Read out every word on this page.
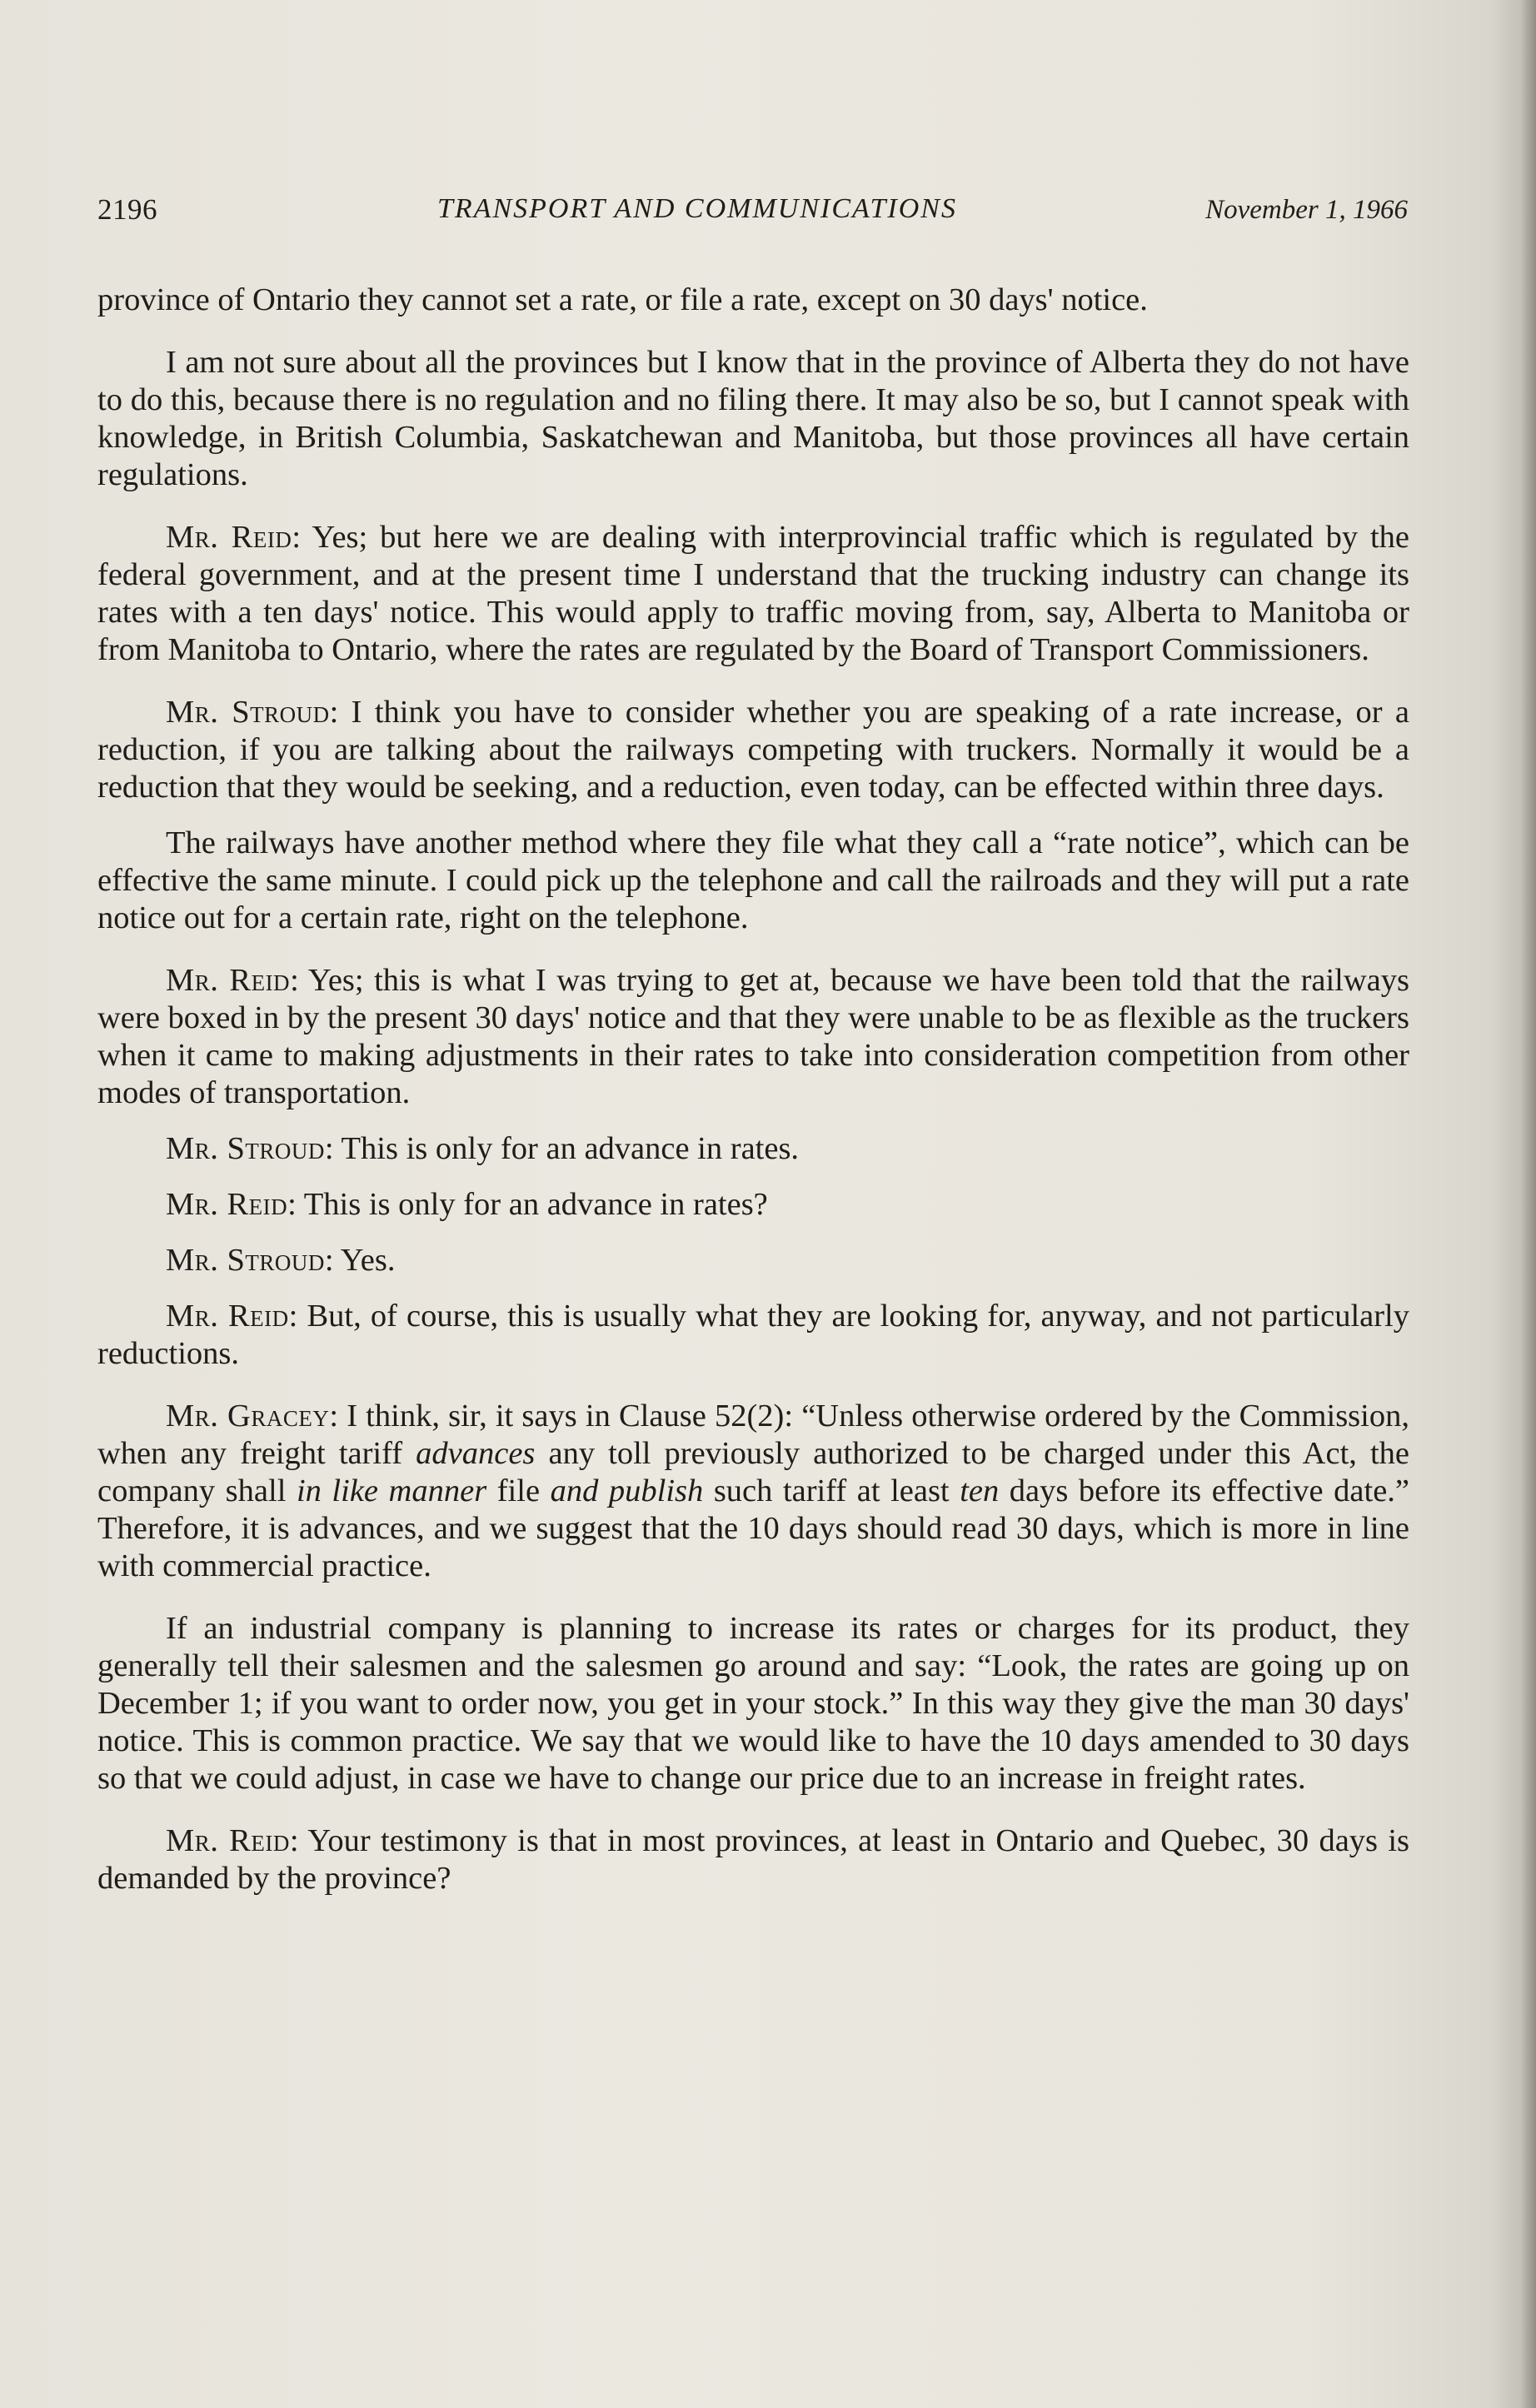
2196	TRANSPORT AND COMMUNICATIONS	November 1, 1966

province of Ontario they cannot set a rate, or file a rate, except on 30 days' notice.

I am not sure about all the provinces but I know that in the province of Alberta they do not have to do this, because there is no regulation and no filing there. It may also be so, but I cannot speak with knowledge, in British Columbia, Saskatchewan and Manitoba, but those provinces all have certain regulations.

Mr. Reid: Yes; but here we are dealing with interprovincial traffic which is regulated by the federal government, and at the present time I understand that the trucking industry can change its rates with a ten days' notice. This would apply to traffic moving from, say, Alberta to Manitoba or from Manitoba to Ontario, where the rates are regulated by the Board of Transport Commissioners.

Mr. Stroud: I think you have to consider whether you are speaking of a rate increase, or a reduction, if you are talking about the railways competing with truckers. Normally it would be a reduction that they would be seeking, and a reduction, even today, can be effected within three days.

The railways have another method where they file what they call a “rate notice”, which can be effective the same minute. I could pick up the telephone and call the railroads and they will put a rate notice out for a certain rate, right on the telephone.

Mr. Reid: Yes; this is what I was trying to get at, because we have been told that the railways were boxed in by the present 30 days' notice and that they were unable to be as flexible as the truckers when it came to making adjustments in their rates to take into consideration competition from other modes of transportation.

Mr. Stroud: This is only for an advance in rates.

Mr. Reid: This is only for an advance in rates?

Mr. Stroud: Yes.

Mr. Reid: But, of course, this is usually what they are looking for, anyway, and not particularly reductions.

Mr. Gracey: I think, sir, it says in Clause 52(2): “Unless otherwise ordered by the Commission, when any freight tariff advances any toll previously authorized to be charged under this Act, the company shall in like manner file and publish such tariff at least ten days before its effective date.” Therefore, it is advances, and we suggest that the 10 days should read 30 days, which is more in line with commercial practice.

If an industrial company is planning to increase its rates or charges for its product, they generally tell their salesmen and the salesmen go around and say: “Look, the rates are going up on December 1; if you want to order now, you get in your stock.” In this way they give the man 30 days' notice. This is common practice. We say that we would like to have the 10 days amended to 30 days so that we could adjust, in case we have to change our price due to an increase in freight rates.

Mr. Reid: Your testimony is that in most provinces, at least in Ontario and Quebec, 30 days is demanded by the province?
